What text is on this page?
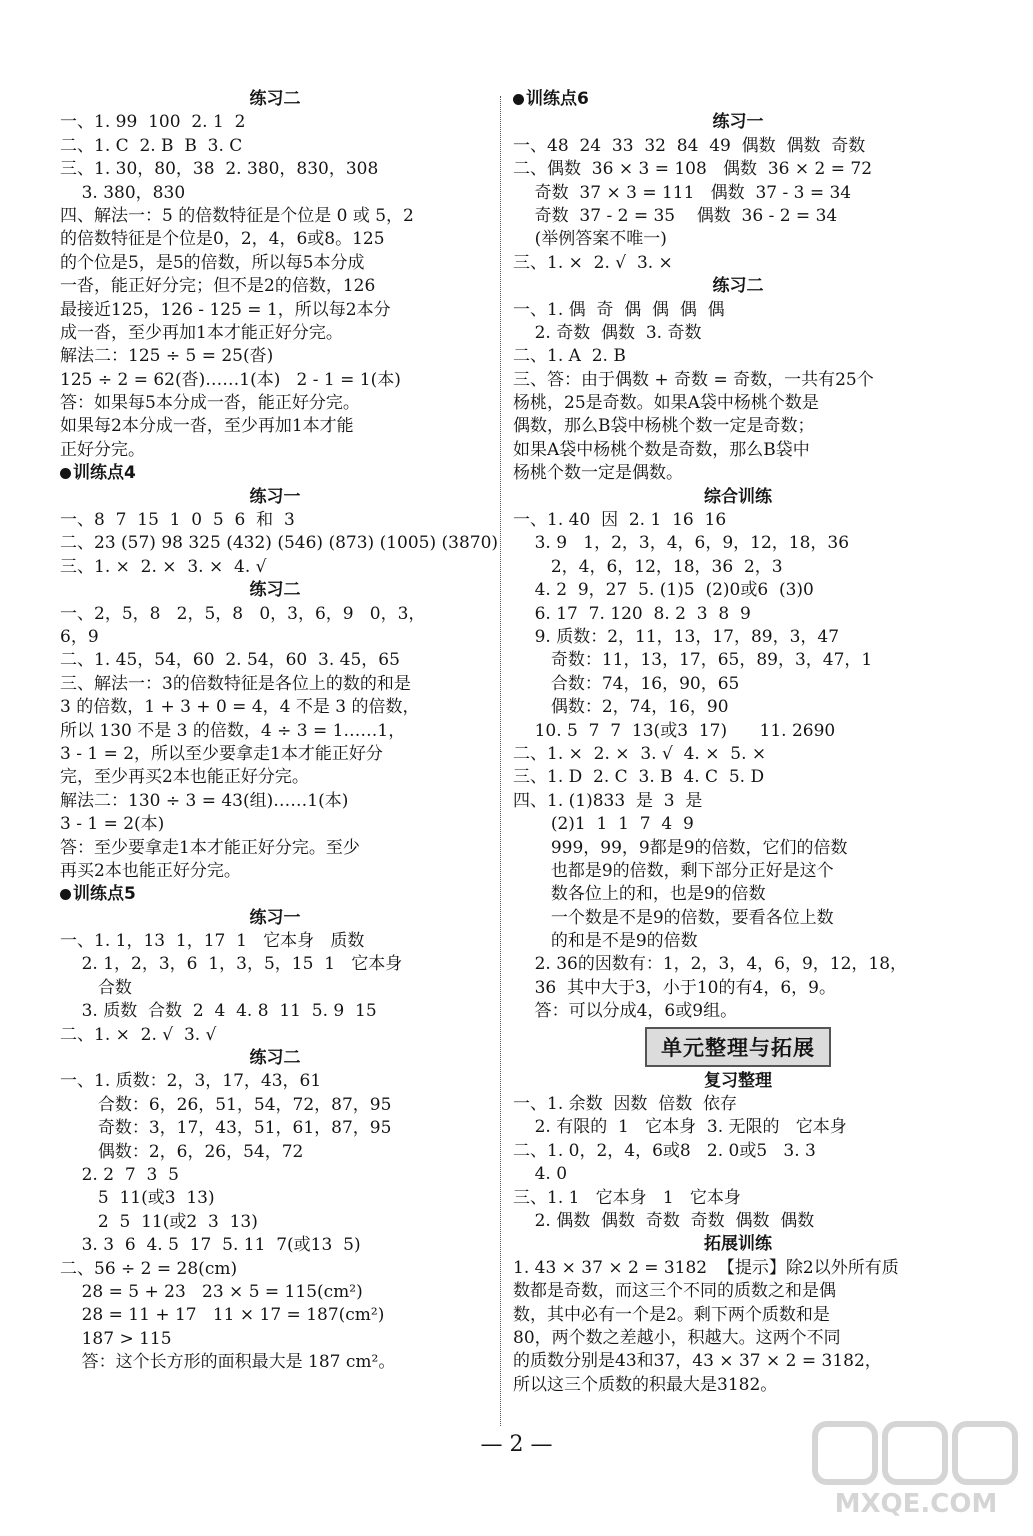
练习二
一、1. 99  100  2. 1  2
二、1. C  2. B  B  3. C
三、1. 30，80，38  2. 380，830，308
3. 380，830
四、解法一：5 的倍数特征是个位是 0 或 5，2
的倍数特征是个位是0，2，4，6或8。125
的个位是5，是5的倍数，所以每5本分成
一沓，能正好分完；但不是2的倍数，126
最接近125，126 - 125 = 1，所以每2本分
成一沓，至少再加1本才能正好分完。
解法二：125 ÷ 5 = 25(沓)
125 ÷ 2 = 62(沓)……1(本)   2 - 1 = 1(本)
答：如果每5本分成一沓，能正好分完。
如果每2本分成一沓，至少再加1本才能
正好分完。
训练点4
练习一
一、8  7  15  1  0  5  6  和  3
二、23 (57) 98 325 (432) (546) (873) (1005) (3870)
三、1. ×  2. ×  3. ×  4. √
练习二
一、2，5，8   2，5，8   0，3，6，9   0，3，
6，9
二、1. 45，54，60  2. 54，60  3. 45，65
三、解法一：3的倍数特征是各位上的数的和是
3 的倍数，1 + 3 + 0 = 4，4 不是 3 的倍数，
所以 130 不是 3 的倍数，4 ÷ 3 = 1……1，
3 - 1 = 2，所以至少要拿走1本才能正好分
完，至少再买2本也能正好分完。
解法二：130 ÷ 3 = 43(组)……1(本)
3 - 1 = 2(本)
答：至少要拿走1本才能正好分完。至少
再买2本也能正好分完。
训练点5
练习一
一、1. 1，13  1，17  1   它本身   质数
2. 1，2，3，6  1，3，5，15  1   它本身
合数
3. 质数  合数  2  4  4. 8  11  5. 9  15
二、1. ×  2. √  3. √
练习二
一、1. 质数：2，3，17，43，61
合数：6，26，51，54，72，87，95
奇数：3，17，43，51，61，87，95
偶数：2，6，26，54，72
2. 2  7  3  5
5  11(或3  13)
2  5  11(或2  3  13)
3. 3  6  4. 5  17  5. 11  7(或13  5)
二、56 ÷ 2 = 28(cm)
28 = 5 + 23   23 × 5 = 115(cm²)
28 = 11 + 17   11 × 17 = 187(cm²)
187 > 115
答：这个长方形的面积最大是 187 cm²。
训练点6
练习一
一、48  24  33  32  84  49  偶数  偶数  奇数
二、偶数  36 × 3 = 108   偶数  36 × 2 = 72
奇数  37 × 3 = 111   偶数  37 - 3 = 34
奇数  37 - 2 = 35    偶数  36 - 2 = 34
(举例答案不唯一)
三、1. ×  2. √  3. ×
练习二
一、1. 偶  奇  偶  偶  偶  偶
2. 奇数  偶数  3. 奇数
二、1. A  2. B
三、答：由于偶数 + 奇数 = 奇数，一共有25个
杨桃，25是奇数。如果A袋中杨桃个数是
偶数，那么B袋中杨桃个数一定是奇数；
如果A袋中杨桃个数是奇数，那么B袋中
杨桃个数一定是偶数。
综合训练
一、1. 40  因  2. 1  16  16
3. 9   1，2，3，4，6，9，12，18，36
2，4，6，12，18，36  2，3
4. 2  9，27  5. (1)5  (2)0或6  (3)0
6. 17  7. 120  8. 2  3  8  9
9. 质数：2，11，13，17，89，3，47
奇数：11，13，17，65，89，3，47，1
合数：74，16，90，65
偶数：2，74，16，90
10. 5  7  7  13(或3  17)      11. 2690
二、1. ×  2. ×  3. √  4. ×  5. ×
三、1. D  2. C  3. B  4. C  5. D
四、1. (1)833  是  3  是
(2)1  1  1  7  4  9
999，99，9都是9的倍数，它们的倍数
也都是9的倍数，剩下部分正好是这个
数各位上的和，也是9的倍数
一个数是不是9的倍数，要看各位上数
的和是不是9的倍数
2. 36的因数有：1，2，3，4，6，9，12，18，
36  其中大于3，小于10的有4，6，9。
答：可以分成4，6或9组。
单元整理与拓展
复习整理
一、1. 余数  因数  倍数  依存
2. 有限的  1   它本身  3. 无限的   它本身
二、1. 0，2，4，6或8   2. 0或5   3. 3
4. 0
三、1. 1   它本身   1   它本身
2. 偶数  偶数  奇数  奇数  偶数  偶数
拓展训练
1. 43 × 37 × 2 = 3182  【提示】除2以外所有质
数都是奇数，而这三个不同的质数之和是偶
数，其中必有一个是2。剩下两个质数和是
80，两个数之差越小，积越大。这两个不同
的质数分别是43和37，43 × 37 × 2 = 3182，
所以这三个质数的积最大是3182。
— 2 —
MXQE.COM
